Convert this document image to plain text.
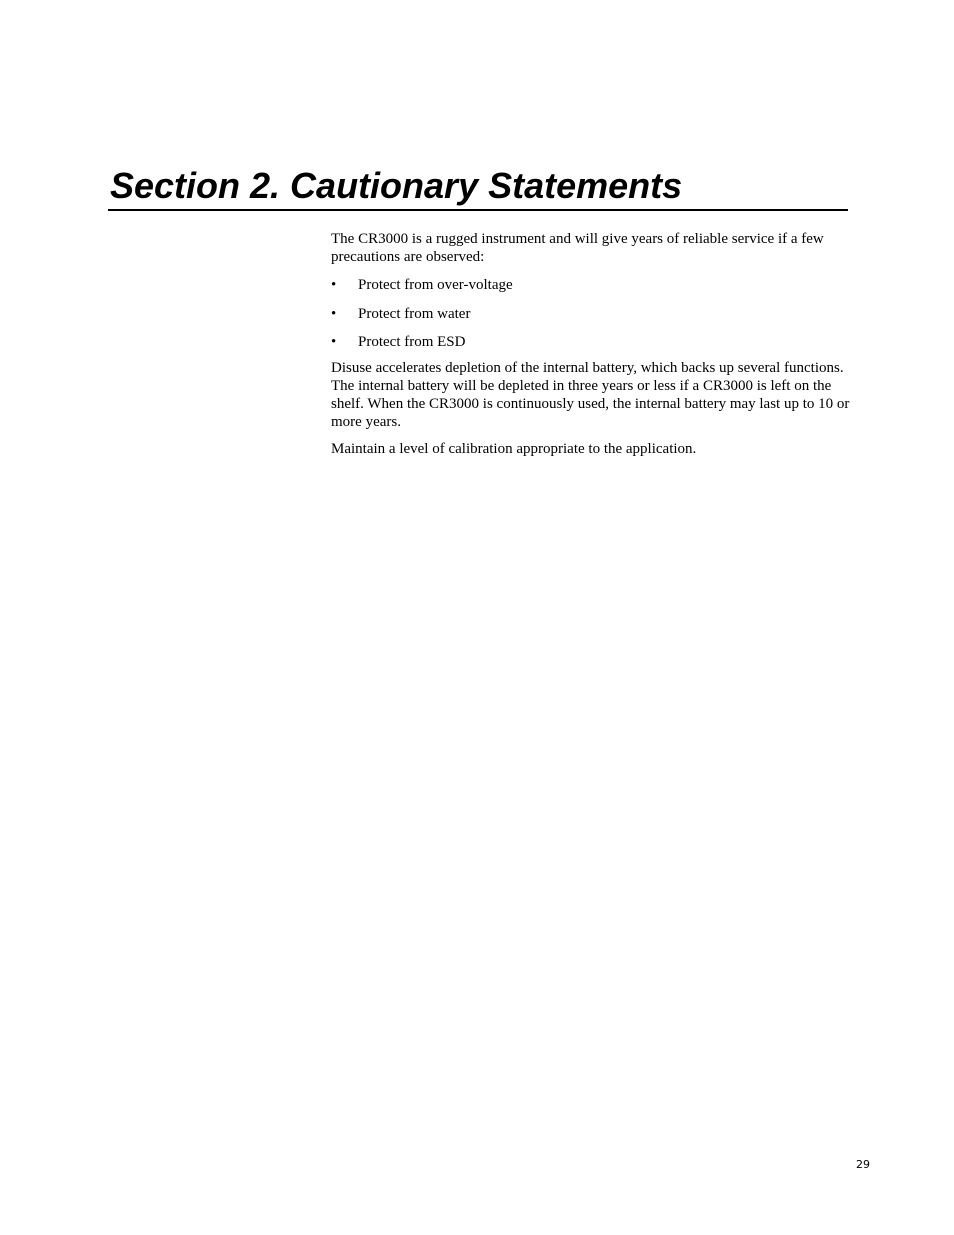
Section 2. Cautionary Statements

The CR3000 is a rugged instrument and will give years of reliable service if a few precautions are observed:

•	Protect from over-voltage
•	Protect from water
•	Protect from ESD

Disuse accelerates depletion of the internal battery, which backs up several functions. The internal battery will be depleted in three years or less if a CR3000 is left on the shelf. When the CR3000 is continuously used, the internal battery may last up to 10 or more years.

Maintain a level of calibration appropriate to the application.

29
